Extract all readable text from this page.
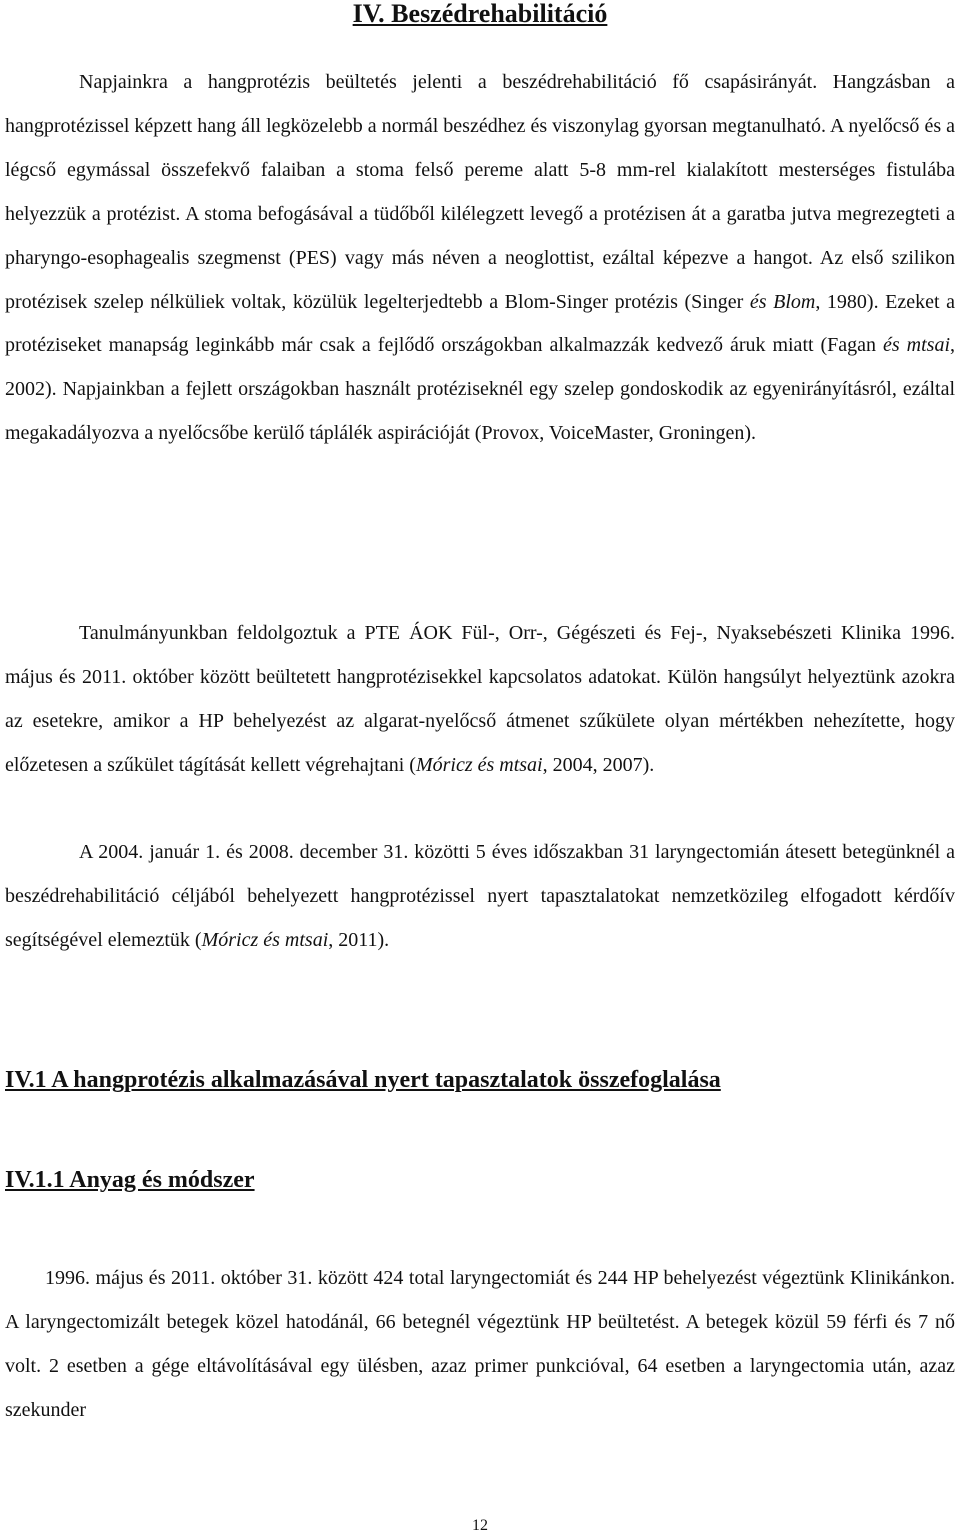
IV. Beszédrehabilitáció

Napjainkra a hangprotézis beültetés jelenti a beszédrehabilitáció fő csapásirányát. Hangzásban a hangprotézissel képzett hang áll legközelebb a normál beszédhez és viszonylag gyorsan megtanulható. A nyelőcső és a légcső egymással összefekvő falaiban a stoma felső pereme alatt 5-8 mm-rel kialakított mesterséges fistulába helyezzük a protézist. A stoma befogásával a tüdőből kilélegzett levegő a protézisen át a garatba jutva megrezegteti a pharyngo-esophagealis szegmenst (PES) vagy más néven a neoglottist, ezáltal képezve a hangot. Az első szilikon protézisek szelep nélküliek voltak, közülük legelterjedtebb a Blom-Singer protézis (Singer és Blom, 1980). Ezeket a protéziseket manapság leginkább már csak a fejlődő országokban alkalmazzák kedvező áruk miatt (Fagan és mtsai, 2002). Napjainkban a fejlett országokban használt protéziseknél egy szelep gondoskodik az egyenirányításról, ezáltal megakadályozva a nyelőcsőbe kerülő táplálék aspirációját (Provox, VoiceMaster, Groningen).

Tanulmányunkban feldolgoztuk a PTE ÁOK Fül-, Orr-, Gégészeti és Fej-, Nyaksebészeti Klinika 1996. május és 2011. október között beültetett hangprotézisekkel kapcsolatos adatokat. Külön hangsúlyt helyeztünk azokra az esetekre, amikor a HP behelyezést az algarat-nyelőcső átmenet szűkülete olyan mértékben nehezítette, hogy előzetesen a szűkület tágítását kellett végrehajtani (Móricz és mtsai, 2004, 2007).

A 2004. január 1. és 2008. december 31. közötti 5 éves időszakban 31 laryngectomián átesett betegünknél a beszédrehabilitáció céljából behelyezett hangprotézissel nyert tapasztalatokat nemzetközileg elfogadott kérdőív segítségével elemeztük (Móricz és mtsai, 2011).

IV.1 A hangprotézis alkalmazásával nyert tapasztalatok összefoglalása
IV.1.1 Anyag és módszer

1996. május és 2011. október 31. között 424 total laryngectomiát és 244 HP behelyezést végeztünk Klinikánkon. A laryngectomizált betegek közel hatodánál, 66 betegnél végeztünk HP beültetést. A betegek közül 59 férfi és 7 nő volt. 2 esetben a gége eltávolításával egy ülésben, azaz primer punkcióval, 64 esetben a laryngectomia után, azaz szekunder

12
